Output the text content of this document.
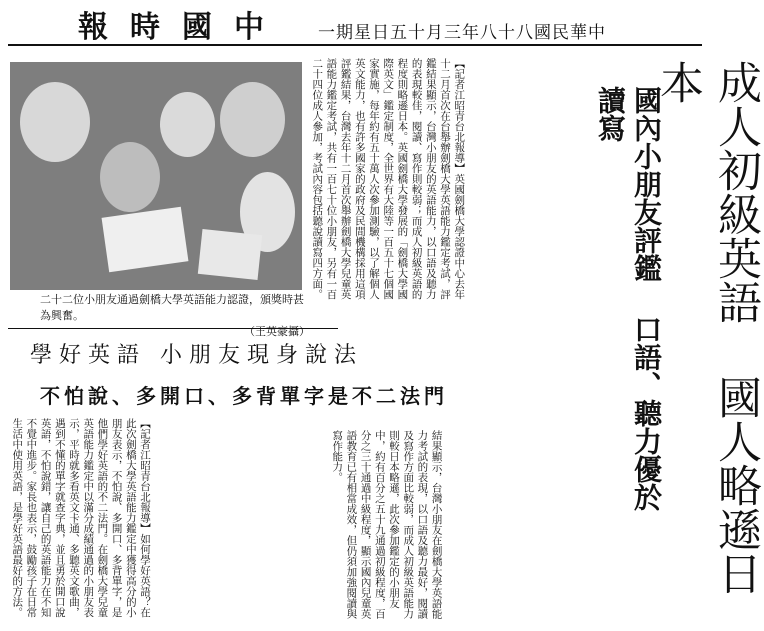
報時國中 一期星日五十月三年八十八國民華中
二十二位小朋友通過劍橋大學英語能力認證，頒獎時甚為興奮。
（王英豪攝）	成人初級英語 國人略遜日本
國內小朋友評鑑 口語、聽力優於讀寫
【記者江昭青台北報導】英國劍橋大學認證中心去年十二月首次在台舉辦劍橋大學英語能力鑑定考試，評鑑結果顯示，台灣小朋友的英語能力，以口語及聽力的表現較佳，閱讀、寫作則較弱；而成人初級英語的程度則略遜日本。英國劍橋大學發展的「劍橋大學國際英文」鑑定制度，全世界有大陸等一百五十七個國家實施，每年約有五十萬人次參加測驗，以了解個人英文能力，也有許多國家的政府及民間機構採用這項評鑑結果，台灣去年十二月首次舉辦劍橋大學兒童英語能力鑑定考試，共有一百七十位小朋友，另有一百二十四位成人參加，考試內容包括聽說讀寫四方面。
學好英語 小朋友現身說法
不怕說、多開口、多背單字是不二法門
【記者江昭青台北報導】如何學好英語？在此次劍橋大學英語能力鑑定中獲得高分的小朋友表示，不怕說、多開口、多背單字，是他們學好英語的不二法門。在劍橋大學兒童英語能力鑑定中以滿分成績通過的小朋友表示，平時就多看英文卡通、多聽英文歌曲，遇到不懂的單字就查字典，並且勇於開口說英語，不怕說錯，讓自己的英語能力在不知不覺中進步。家長也表示，鼓勵孩子在日常生活中使用英語，是學好英語最好的方法。	結果顯示，台灣小朋友在劍橋大學英語能力考試的表現，以口語及聽力最好，閱讀及寫作方面比較弱，而成人初級英語能力則較日本略遜，此次參加鑑定的小朋友中，約有百分之五十九通過初級程度，百分之三十通過中級程度，顯示國內兒童英語教育已有相當成效，但仍須加強閱讀與寫作能力。
